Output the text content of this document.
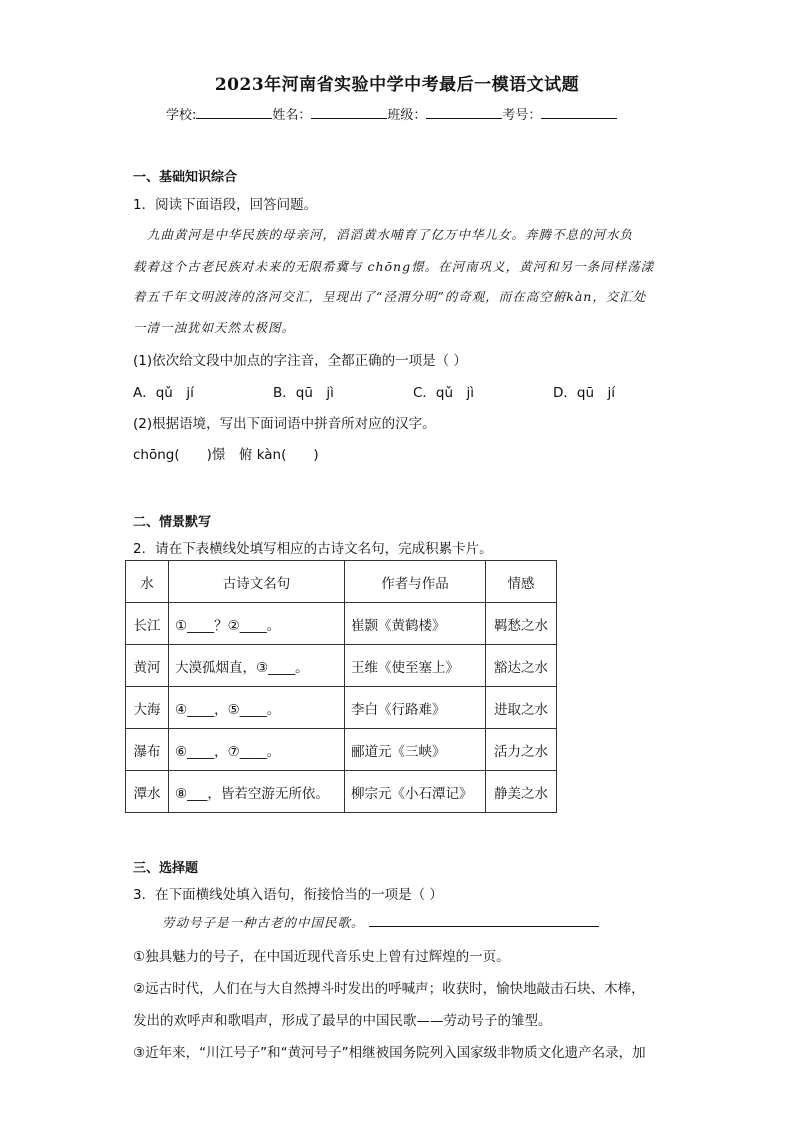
2023年河南省实验中学中考最后一模语文试题
学校:	姓名：	班级：	考号：
一、基础知识综合
1．阅读下面语段，回答问题。
九曲黄河是中华民族的母亲河，滔滔黄水哺育了亿万中华儿女。奔腾不息的河水负
载着这个古老民族对未来的无限希冀与 chōng憬。在河南巩义，黄河和另一条同样荡漾
着五千年文明波涛的洛河交汇，呈现出了“泾渭分明”的奇观，而在高空俯kàn，交汇处
一清一浊犹如天然太极图。
(1)依次给文段中加点的字注音，全都正确的一项是（ ）
A．qǔ　jí	B．qū　jì	C．qǔ　jì	D．qū　jí
(2)根据语境，写出下面词语中拼音所对应的汉字。
chōng(　　)憬　俯 kàn(　　)
二、情景默写
2．请在下表横线处填写相应的古诗文名句，完成积累卡片。
水	古诗文名句	作者与作品	情感
长江	①____？②____。	崔颢《黄鹤楼》	羁愁之水
黄河	大漠孤烟直，③____。	王维《使至塞上》	豁达之水
大海	④____，⑤____。	李白《行路难》	进取之水
瀑布	⑥____，⑦____。	郦道元《三峡》	活力之水
潭水	⑧___，皆若空游无所依。	柳宗元《小石潭记》	静美之水
三、选择题
3．在下面横线处填入语句，衔接恰当的一项是（ ）
劳动号子是一种古老的中国民歌。
①独具魅力的号子，在中国近现代音乐史上曾有过辉煌的一页。
②远古时代，人们在与大自然搏斗时发出的呼喊声；收获时，愉快地敲击石块、木棒，
发出的欢呼声和歌唱声，形成了最早的中国民歌——劳动号子的雏型。
③近年来，“川江号子”和“黄河号子”相继被国务院列入国家级非物质文化遗产名录，加
